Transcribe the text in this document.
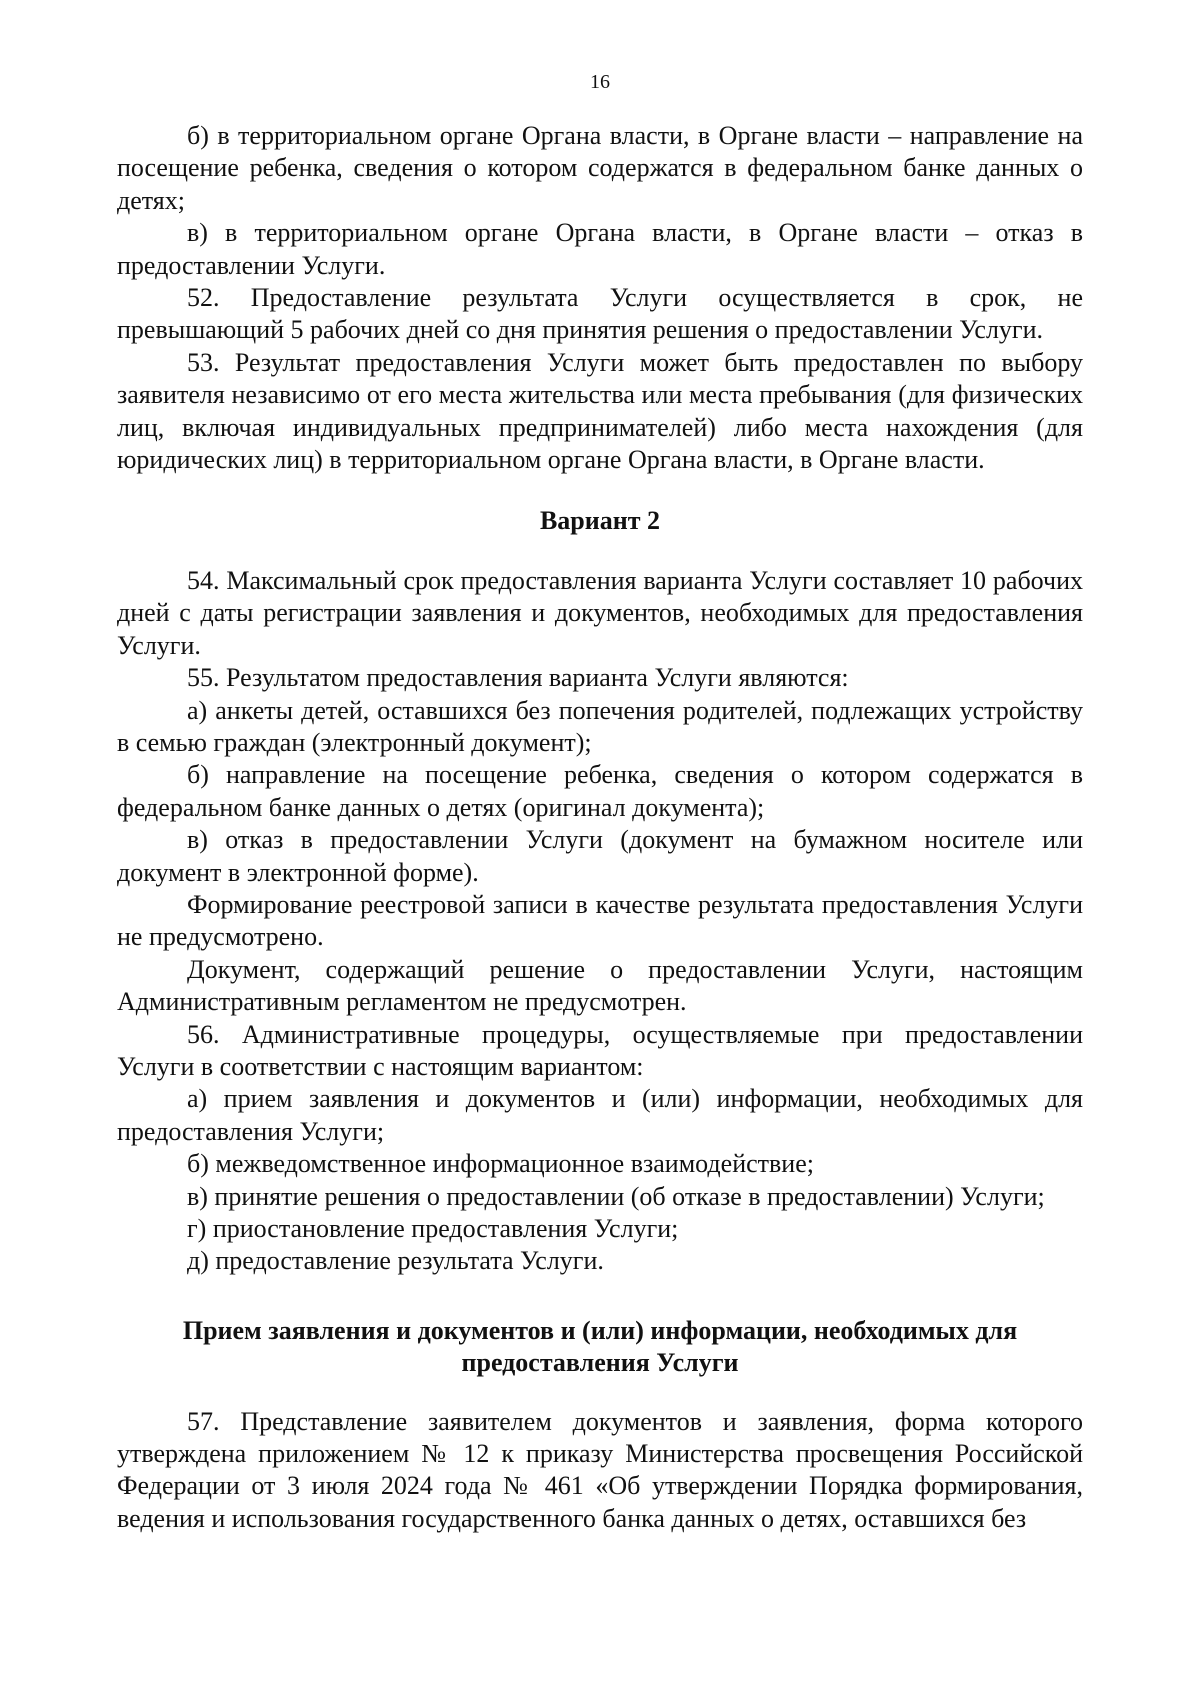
16

б) в территориальном органе Органа власти, в Органе власти – направление на посещение ребенка, сведения о котором содержатся в федеральном банке данных о детях;

в) в территориальном органе Органа власти, в Органе власти – отказ в предоставлении Услуги.

52. Предоставление результата Услуги осуществляется в срок, не превышающий 5 рабочих дней со дня принятия решения о предоставлении Услуги.

53. Результат предоставления Услуги может быть предоставлен по выбору заявителя независимо от его места жительства или места пребывания (для физических лиц, включая индивидуальных предпринимателей) либо места нахождения (для юридических лиц) в территориальном органе Органа власти, в Органе власти.

Вариант 2

54. Максимальный срок предоставления варианта Услуги составляет 10 рабочих дней с даты регистрации заявления и документов, необходимых для предоставления Услуги.

55. Результатом предоставления варианта Услуги являются:

а) анкеты детей, оставшихся без попечения родителей, подлежащих устройству в семью граждан (электронный документ);

б) направление на посещение ребенка, сведения о котором содержатся в федеральном банке данных о детях (оригинал документа);

в) отказ в предоставлении Услуги (документ на бумажном носителе или документ в электронной форме).

Формирование реестровой записи в качестве результата предоставления Услуги не предусмотрено.

Документ, содержащий решение о предоставлении Услуги, настоящим Административным регламентом не предусмотрен.

56. Административные процедуры, осуществляемые при предоставлении Услуги в соответствии с настоящим вариантом:

а) прием заявления и документов и (или) информации, необходимых для предоставления Услуги;

б) межведомственное информационное взаимодействие;

в) принятие решения о предоставлении (об отказе в предоставлении) Услуги;

г) приостановление предоставления Услуги;

д) предоставление результата Услуги.

Прием заявления и документов и (или) информации, необходимых для
предоставления Услуги

57. Представление заявителем документов и заявления, форма которого утверждена приложением № 12 к приказу Министерства просвещения Российской Федерации от 3 июля 2024 года № 461 «Об утверждении Порядка формирования, ведения и использования государственного банка данных о детях, оставшихся без
